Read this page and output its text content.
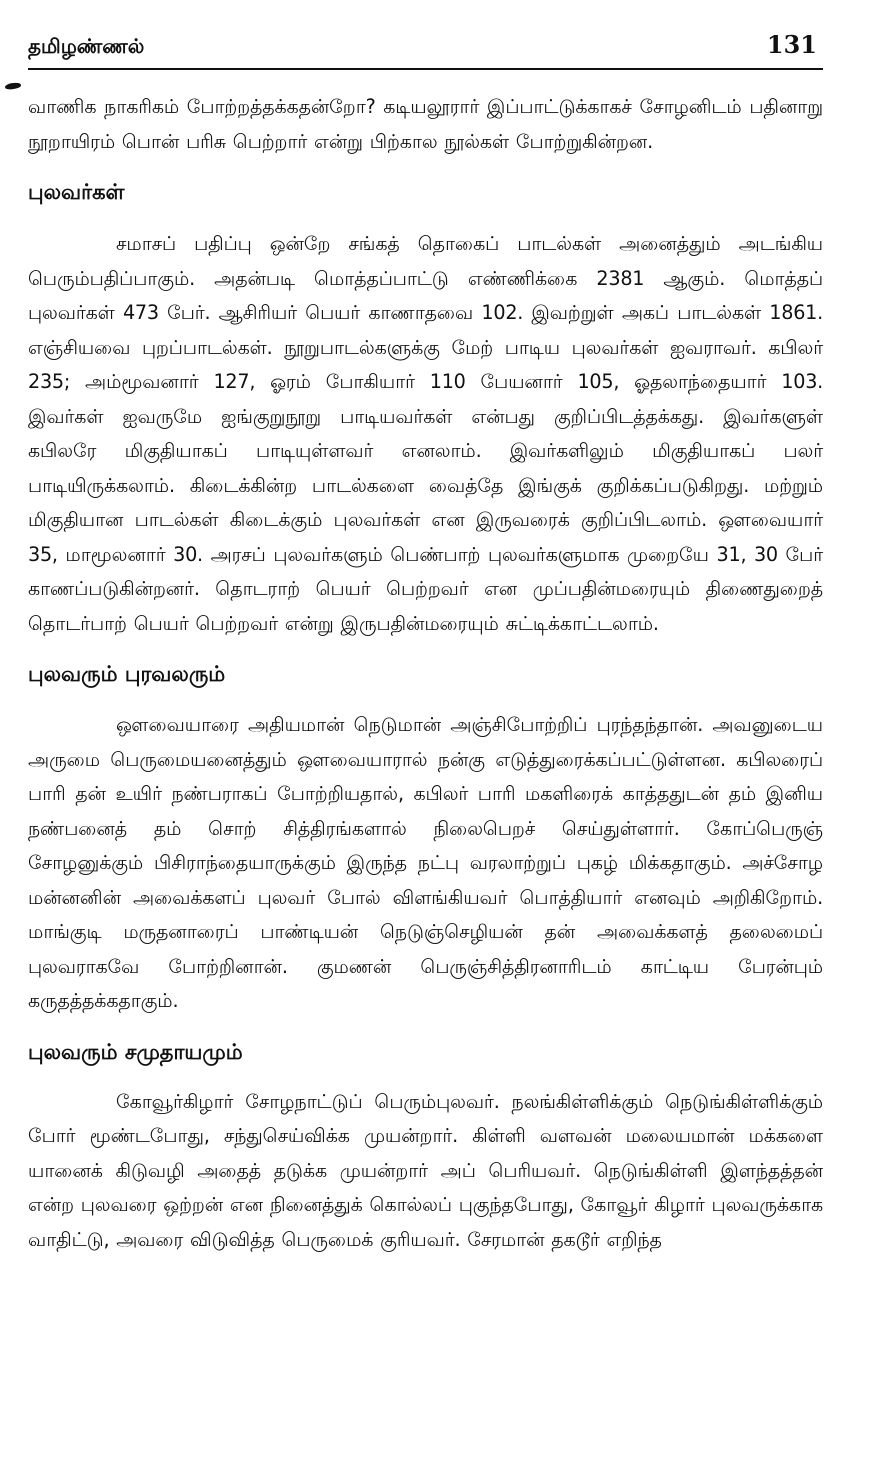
தமிழண்ணல்	131

வாணிக நாகரிகம் போற்றத்தக்கதன்றோ? கடியலூரார் இப்பாட்டுக்காகச் சோழனிடம் பதினாறு நூறாயிரம் பொன் பரிசு பெற்றார் என்று பிற்கால நூல்கள் போற்றுகின்றன.

புலவர்கள்

சமாசப் பதிப்பு ஒன்றே சங்கத் தொகைப் பாடல்கள் அனைத்தும் அடங்கிய பெரும்பதிப்பாகும். அதன்படி மொத்தப்பாட்டு எண்ணிக்கை 2381 ஆகும். மொத்தப் புலவர்கள் 473 பேர். ஆசிரியர் பெயர் காணாதவை 102. இவற்றுள் அகப் பாடல்கள் 1861. எஞ்சியவை புறப்பாடல்கள். நூறுபாடல்களுக்கு மேற் பாடிய புலவர்கள் ஐவராவர். கபிலர் 235; அம்மூவனார் 127, ஓரம் போகியார் 110 பேயனார் 105, ஓதலாந்தையார் 103. இவர்கள் ஐவருமே ஐங்குறுநூறு பாடியவர்கள் என்பது குறிப்பிடத்தக்கது. இவர்களுள் கபிலரே மிகுதியாகப் பாடியுள்ளவர் எனலாம். இவர்களிலும் மிகுதியாகப் பலர் பாடியிருக்கலாம். கிடைக்கின்ற பாடல்களை வைத்தே இங்குக் குறிக்கப்படுகிறது. மற்றும் மிகுதியான பாடல்கள் கிடைக்கும் புலவர்கள் என இருவரைக் குறிப்பிடலாம். ஔவையார் 35, மாமூலனார் 30. அரசப் புலவர்களும் பெண்பாற் புலவர்களுமாக முறையே 31, 30 பேர் காணப்படுகின்றனர். தொடராற் பெயர் பெற்றவர் என முப்பதின்மரையும் திணைதுறைத் தொடர்பாற் பெயர் பெற்றவர் என்று இருபதின்மரையும் சுட்டிக்காட்டலாம்.

புலவரும் புரவலரும்

ஔவையாரை அதியமான் நெடுமான் அஞ்சிபோற்றிப் புரந்தந்தான். அவனுடைய அருமை பெருமையனைத்தும் ஔவையாரால் நன்கு எடுத்துரைக்கப்பட்டுள்ளன. கபிலரைப் பாரி தன் உயிர் நண்பராகப் போற்றியதால், கபிலர் பாரி மகளிரைக் காத்ததுடன் தம் இனிய நண்பனைத் தம் சொற் சித்திரங்களால் நிலைபெறச் செய்துள்ளார். கோப்பெருஞ் சோழனுக்கும் பிசிராந்தையாருக்கும் இருந்த நட்பு வரலாற்றுப் புகழ் மிக்கதாகும். அச்சோழ மன்னனின் அவைக்களப் புலவர் போல் விளங்கியவர் பொத்தியார் எனவும் அறிகிறோம். மாங்குடி மருதனாரைப் பாண்டியன் நெடுஞ்செழியன் தன் அவைக்களத் தலைமைப் புலவராகவே போற்றினான். குமணன் பெருஞ்சித்திரனாரிடம் காட்டிய பேரன்பும் கருதத்தக்கதாகும்.

புலவரும் சமுதாயமும்

கோவூர்கிழார் சோழநாட்டுப் பெரும்புலவர். நலங்கிள்ளிக்கும் நெடுங்கிள்ளிக்கும் போர் மூண்டபோது, சந்துசெய்விக்க முயன்றார். கிள்ளி வளவன் மலையமான் மக்களை யானைக் கிடுவழி அதைத் தடுக்க முயன்றார் அப் பெரியவர். நெடுங்கிள்ளி இளந்தத்தன் என்ற புலவரை ஒற்றன் என நினைத்துக் கொல்லப் புகுந்தபோது, கோவூர் கிழார் புலவருக்காக வாதிட்டு, அவரை விடுவித்த பெருமைக் குரியவர். சேரமான் தகடூர் எறிந்த
